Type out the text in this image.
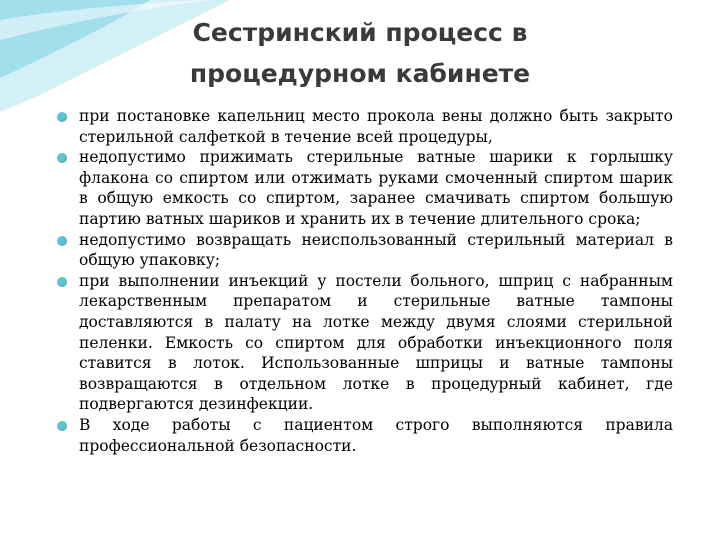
Сестринский процесс в процедурном кабинете
при постановке капельниц место прокола вены должно быть закрыто стерильной салфеткой в течение всей процедуры,
недопустимо прижимать стерильные ватные шарики к горлышку флакона со спиртом или отжимать руками смоченный спиртом шарик в общую емкость со спиртом, заранее смачивать спиртом большую партию ватных шариков и хранить их в течение длительного срока;
недопустимо возвращать неиспользованный стерильный материал в общую упаковку;
при выполнении инъекций у постели больного, шприц с набранным лекарственным препаратом и стерильные ватные тампоны доставляются в палату на лотке между двумя слоями стерильной пеленки. Емкость со спиртом для обработки инъекционного поля ставится в лоток. Использованные шприцы и ватные тампоны возвращаются в отдельном лотке в процедурный кабинет, где подвергаются дезинфекции.
В ходе работы с пациентом строго выполняются правила профессиональной безопасности.
